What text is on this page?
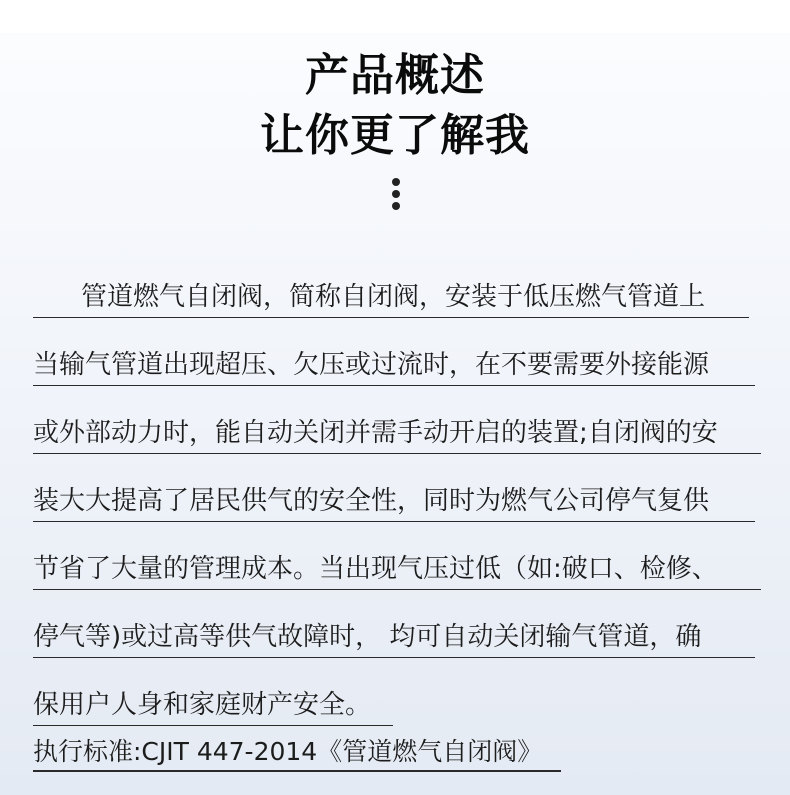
产品概述
让你更了解我
管道燃气自闭阀，简称自闭阀，安装于低压燃气管道上
当输气管道出现超压、欠压或过流时，在不要需要外接能源
或外部动力时，能自动关闭并需手动开启的装置;自闭阀的安
装大大提高了居民供气的安全性，同时为燃气公司停气复供
节省了大量的管理成本。当出现气压过低（如:破口、检修、
停气等)或过高等供气故障时， 均可自动关闭输气管道，确
保用户人身和家庭财产安全。
执行标准:CJIT 447-2014《管道燃气自闭阀》
